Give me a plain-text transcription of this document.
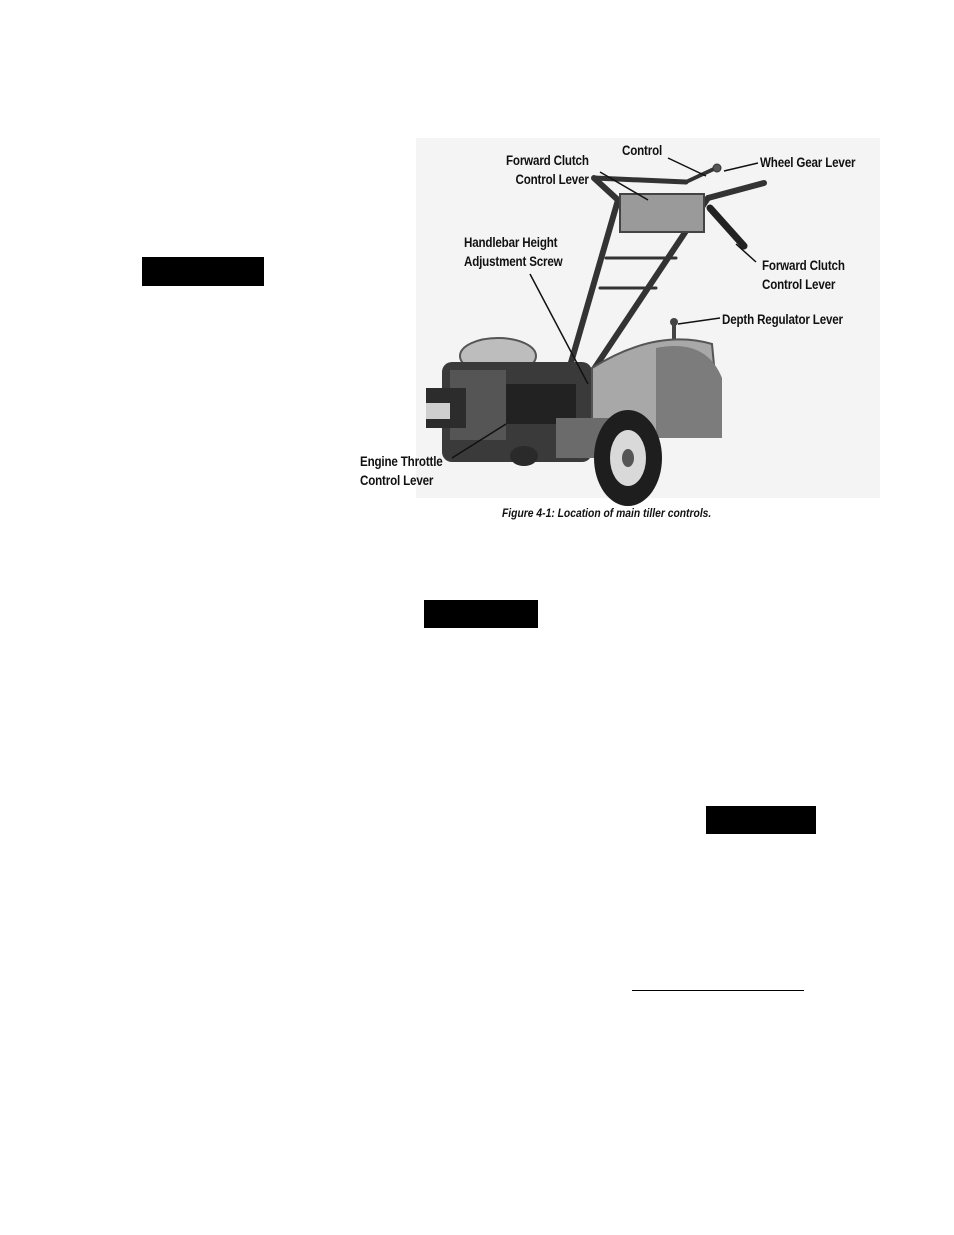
Control
Wheel Gear Lever
Forward Clutch
Control Lever
Forward Clutch
Control Lever
Handlebar Height
Adjustment Screw
Depth Regulator Lever
Engine Throttle
Control Lever
Figure 4-1: Location of main tiller controls.
